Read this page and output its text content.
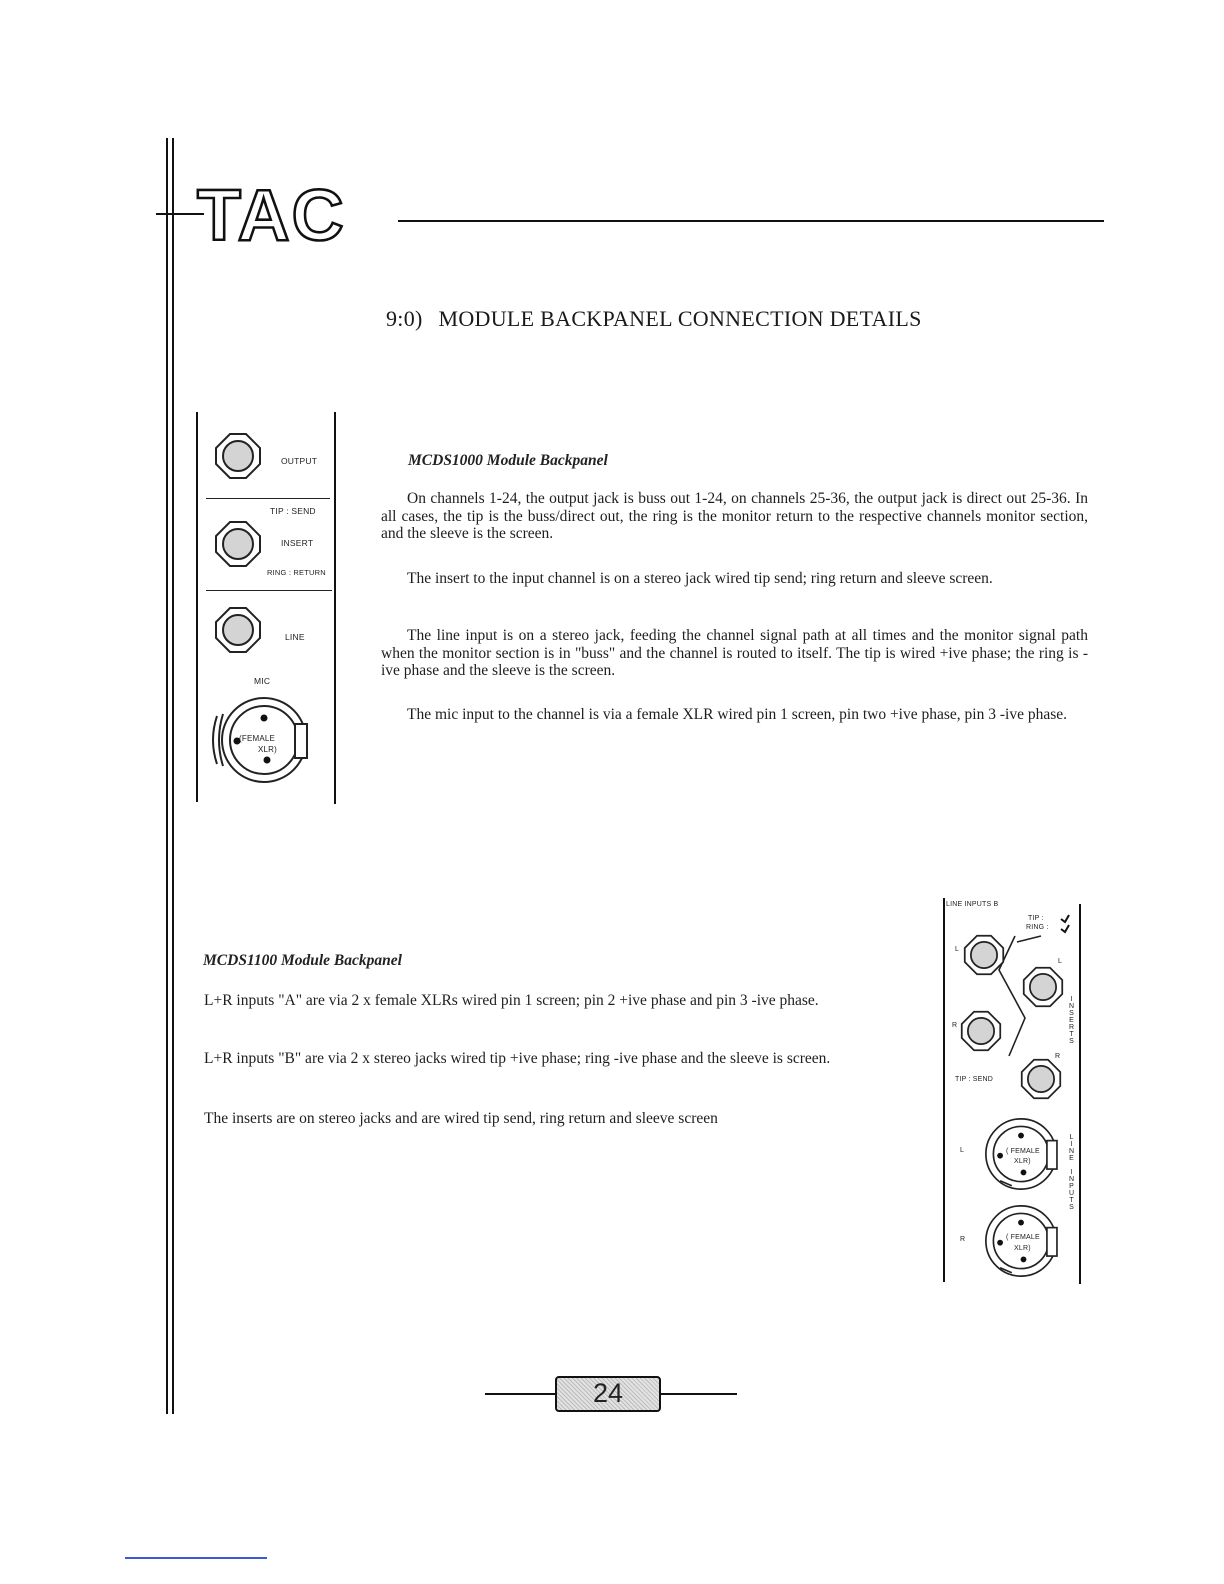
TAC
9:0) MODULE BACKPANEL CONNECTION DETAILS
OUTPUT
TIP : SEND
INSERT
RING : RETURN
LINE
MIC
(FEMALE
XLR)
MCDS1000 Module Backpanel

On channels 1-24, the output jack is buss out 1-24, on channels 25-36, the output jack is direct out 25-36. In all cases, the tip is the buss/direct out, the ring is the monitor return to the respective channels monitor section, and the sleeve is the screen.

The insert to the input channel is on a stereo jack wired tip send; ring return and sleeve screen.

The line input is on a stereo jack, feeding the channel signal path at all times and the monitor signal path when the monitor section is in "buss" and the channel is routed to itself. The tip is wired +ive phase; the ring is -ive phase and the sleeve is the screen.

The mic input to the channel is via a female XLR wired pin 1 screen, pin two +ive phase, pin 3 -ive phase.

MCDS1100 Module Backpanel

L+R inputs "A" are via 2 x female XLRs wired pin 1 screen; pin 2 +ive phase and pin 3 -ive phase.

L+R inputs "B" are via 2 x stereo jacks wired tip +ive phase; ring -ive phase and the sleeve is screen.

The inserts are on stereo jacks and are wired tip send, ring return and sleeve screen

LINE INPUTS B
TIP :
RING :
L
L
R
R
TIP : SEND
L	( FEMALE
XLR)
R	( FEMALE
XLR)
INSERTS
LINE INPUTS
24
